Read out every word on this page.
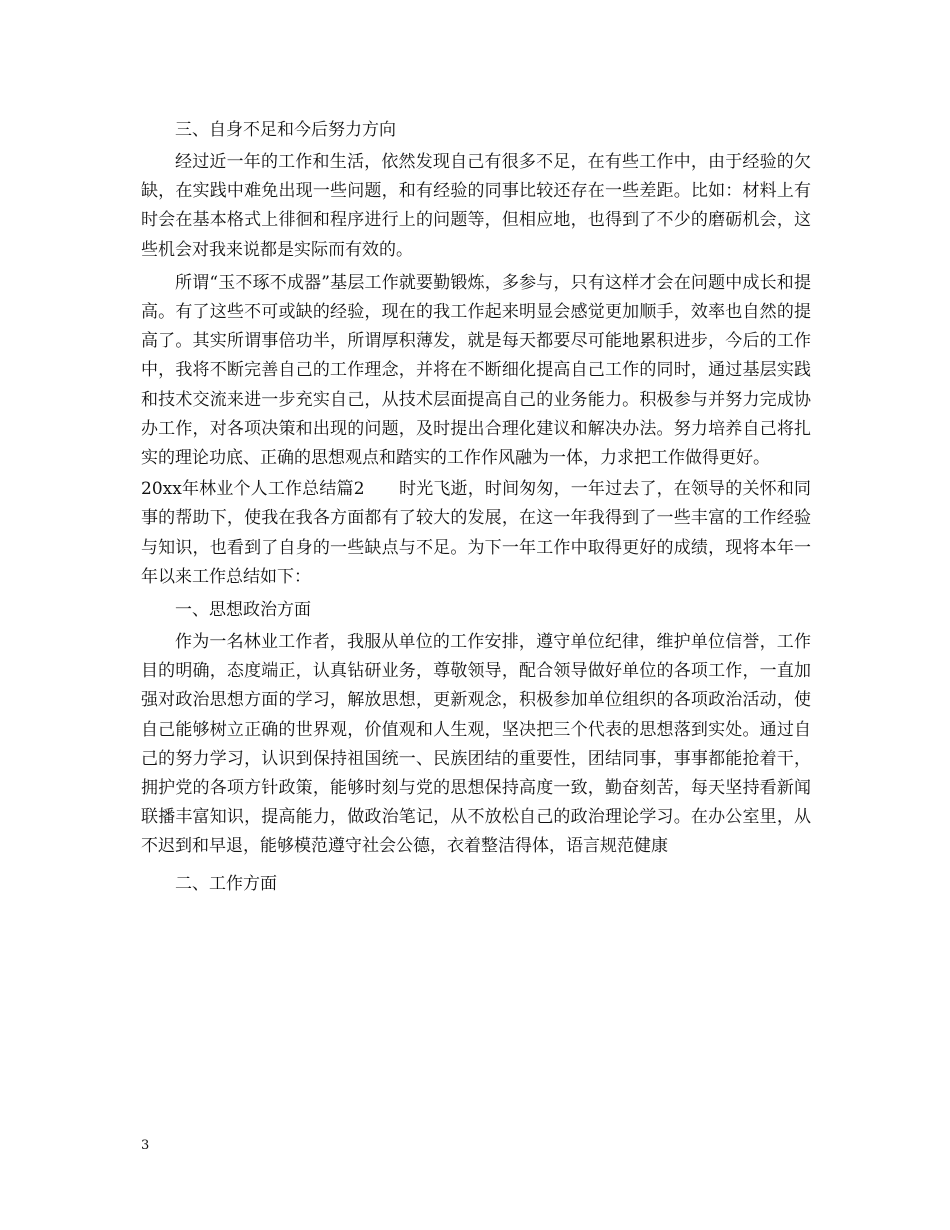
三、自身不足和今后努力方向

经过近一年的工作和生活，依然发现自己有很多不足，在有些工作中，由于经验的欠缺，在实践中难免出现一些问题，和有经验的同事比较还存在一些差距。比如：材料上有时会在基本格式上徘徊和程序进行上的问题等，但相应地，也得到了不少的磨砺机会，这些机会对我来说都是实际而有效的。

所谓“玉不琢不成器”基层工作就要勤锻炼，多参与，只有这样才会在问题中成长和提高。有了这些不可或缺的经验，现在的我工作起来明显会感觉更加顺手，效率也自然的提高了。其实所谓事倍功半，所谓厚积薄发，就是每天都要尽可能地累积进步，今后的工作中，我将不断完善自己的工作理念，并将在不断细化提高自己工作的同时，通过基层实践和技术交流来进一步充实自己，从技术层面提高自己的业务能力。积极参与并努力完成协办工作，对各项决策和出现的问题，及时提出合理化建议和解决办法。努力培养自己将扎实的理论功底、正确的思想观点和踏实的工作作风融为一体，力求把工作做得更好。

20xx年林业个人工作总结篇2　　时光飞逝，时间匆匆，一年过去了，在领导的关怀和同事的帮助下，使我在我各方面都有了较大的发展，在这一年我得到了一些丰富的工作经验与知识，也看到了自身的一些缺点与不足。为下一年工作中取得更好的成绩，现将本年一年以来工作总结如下：

一、思想政治方面

作为一名林业工作者，我服从单位的工作安排，遵守单位纪律，维护单位信誉，工作目的明确，态度端正，认真钻研业务，尊敬领导，配合领导做好单位的各项工作，一直加强对政治思想方面的学习，解放思想，更新观念，积极参加单位组织的各项政治活动，使自己能够树立正确的世界观，价值观和人生观，坚决把三个代表的思想落到实处。通过自己的努力学习，认识到保持祖国统一、民族团结的重要性，团结同事，事事都能抢着干，拥护党的各项方针政策，能够时刻与党的思想保持高度一致，勤奋刻苦，每天坚持看新闻联播丰富知识，提高能力，做政治笔记，从不放松自己的政治理论学习。在办公室里，从不迟到和早退，能够模范遵守社会公德，衣着整洁得体，语言规范健康

二、工作方面
3
